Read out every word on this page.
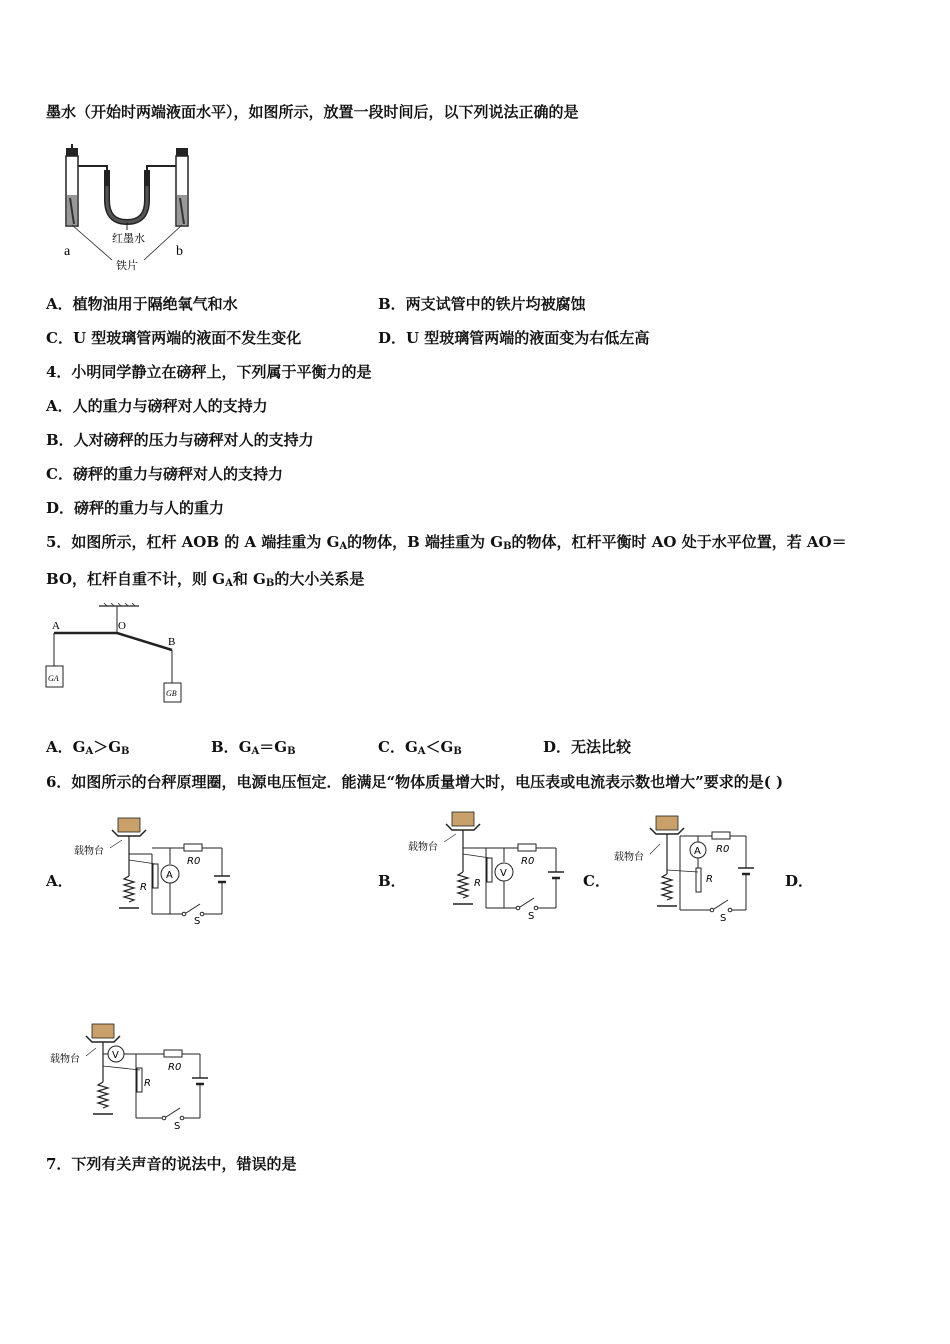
墨水（开始时两端液面水平），如图所示，放置一段时间后，以下列说法正确的是
a	b
红墨水
铁片
A．植物油用于隔绝氧气和水	B．两支试管中的铁片均被腐蚀
C．U 型玻璃管两端的液面不发生变化	D．U 型玻璃管两端的液面变为右低左高
4．小明同学静立在磅秤上，下列属于平衡力的是
A．人的重力与磅秤对人的支持力
B．人对磅秤的压力与磅秤对人的支持力
C．磅秤的重力与磅秤对人的支持力
D．磅秤的重力与人的重力
5．如图所示，杠杆 AOB 的 A 端挂重为 $G_A$的物体，B 端挂重为 $G_B$的物体，杠杆平衡时 AO 处于水平位置，若 AO＝
BO，杠杆自重不计，则 $G_A$和 $G_B$的大小关系是
GA
GB
A	O
B
A．$G_A>G_B$	B．$G_A=G_B$	C．$G_A<G_B$	D．无法比较
6．如图所示的台秤原理圈，电源电压恒定．能满足“物体质量增大时，电压表或电流表示数也增大”要求的是( )
A．	B．	C．	D．
载物台
R
A
R0
S
载物台
R
V
R0
S
载物台
A
R
R0
S
载物台	V
R
R0
S
7．下列有关声音的说法中，错误的是
